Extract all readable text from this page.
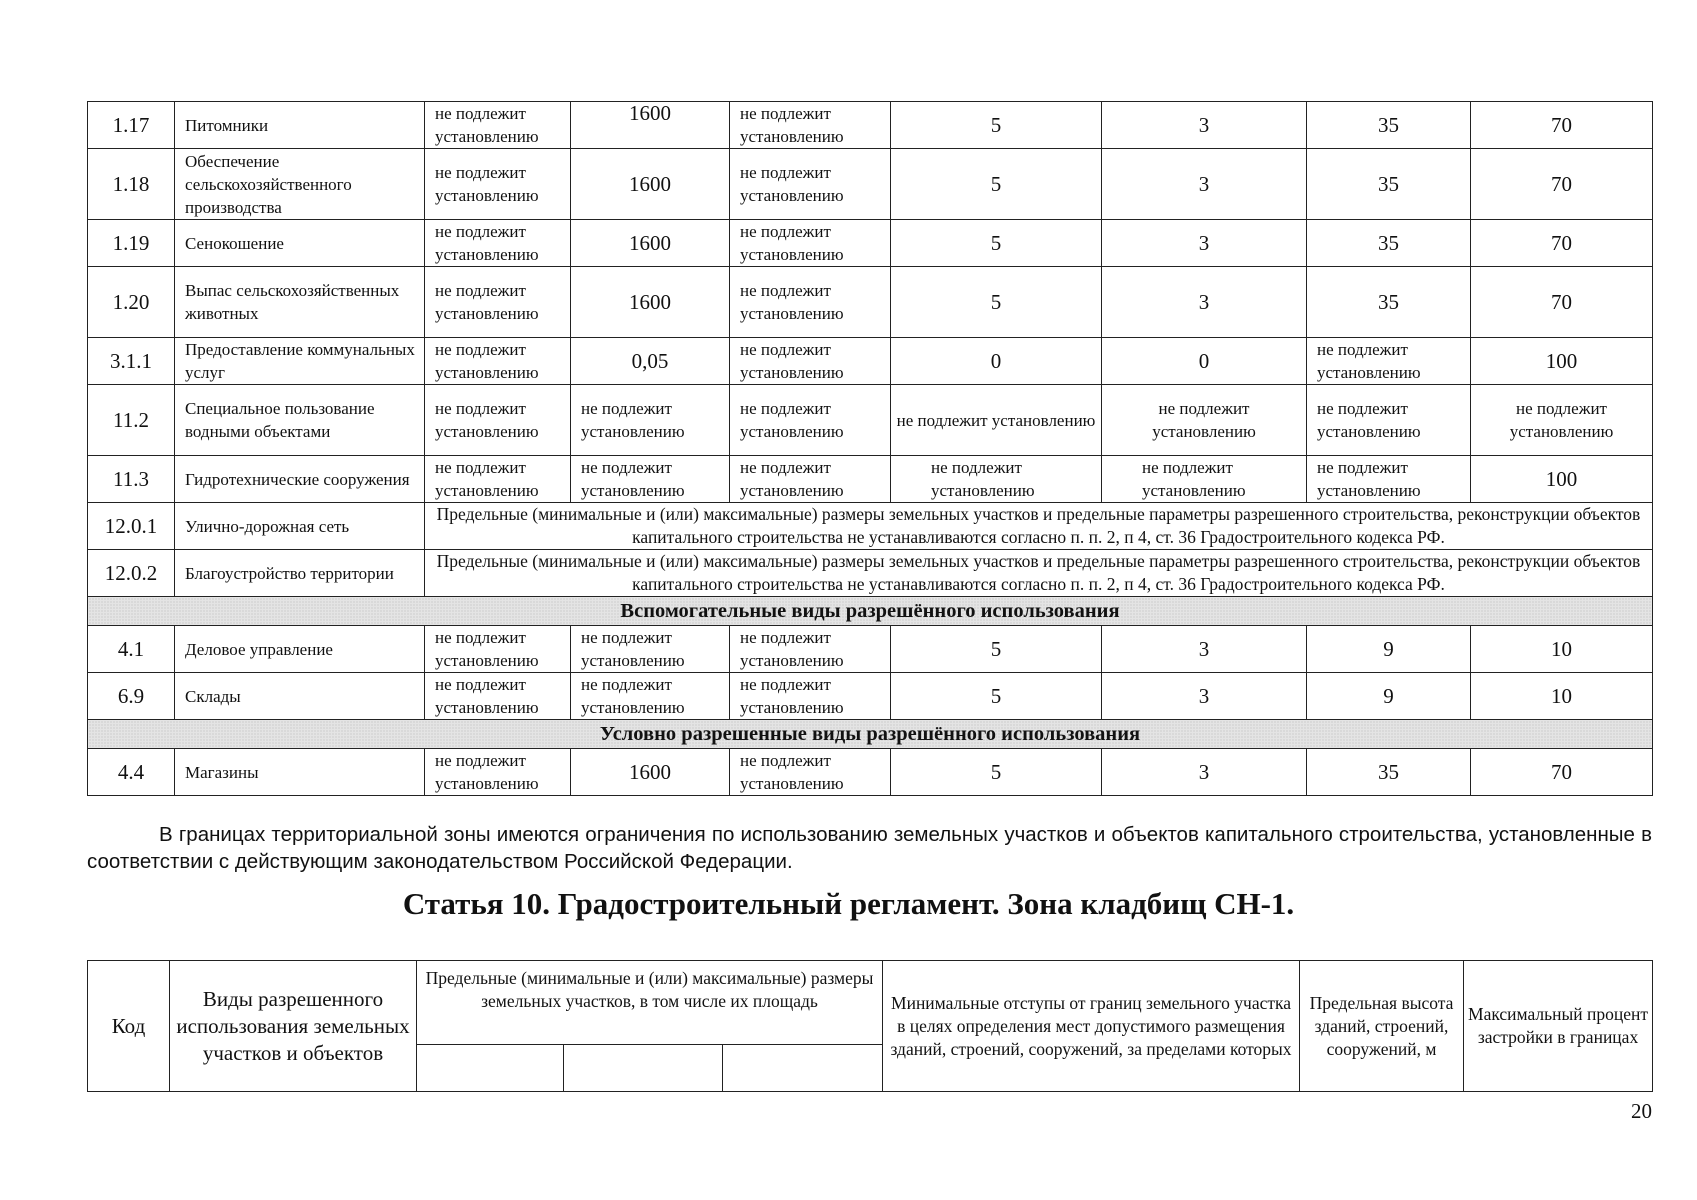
1.17	Питомники	не подлежит установлению	1600	не подлежит установлению	5	3	35	70
1.18	Обеспечение сельскохозяйственного производства	не подлежит установлению	1600	не подлежит установлению	5	3	35	70
1.19	Сенокошение	не подлежит установлению	1600	не подлежит установлению	5	3	35	70
1.20	Выпас сельскохозяйственных животных	не подлежит установлению	1600	не подлежит установлению	5	3	35	70
3.1.1	Предоставление коммунальных услуг	не подлежит установлению	0,05	не подлежит установлению	0	0	не подлежит установлению	100
11.2	Специальное пользование водными объектами	не подлежит установлению	не подлежит установлению	не подлежит установлению	не подлежит установлению	не подлежит установлению	не подлежит установлению	не подлежит установлению
11.3	Гидротехнические сооружения	не подлежит установлению	не подлежит установлению	не подлежит установлению	не подлежит установлению	не подлежит установлению	не подлежит установлению	100
12.0.1	Улично-дорожная сеть	Предельные (минимальные и (или) максимальные) размеры земельных участков и предельные параметры разрешенного строительства, реконструкции объектов капитального строительства не устанавливаются согласно п. п. 2, п 4, ст. 36 Градостроительного кодекса РФ.						
12.0.2	Благоустройство территории	Предельные (минимальные и (или) максимальные) размеры земельных участков и предельные параметры разрешенного строительства, реконструкции объектов капитального строительства не устанавливаются согласно п. п. 2, п 4, ст. 36 Градостроительного кодекса РФ.						
Вспомогательные виды разрешённого использования								
4.1	Деловое управление	не подлежит установлению	не подлежит установлению	не подлежит установлению	5	3	9	10
6.9	Склады	не подлежит установлению	не подлежит установлению	не подлежит установлению	5	3	9	10
Условно разрешенные виды разрешённого использования								
4.4	Магазины	не подлежит установлению	1600	не подлежит установлению	5	3	35	70

В границах территориальной зоны имеются ограничения по использованию земельных участков и объектов капитального строительства, установленные в соответствии с действующим законодательством Российской Федерации.

Статья 10. Градостроительный регламент. Зона кладбищ СН-1.
Код	Виды разрешенного использования земельных участков и объектов	Предельные (минимальные и (или) максимальные) размеры земельных участков, в том числе их площадь			Минимальные отступы от границ земельного участка в целях определения мест допустимого размещения зданий, строений, сооружений, за пределами которых	Предельная высота зданий, строений, сооружений, м	Максимальный процент застройки в границах

20
